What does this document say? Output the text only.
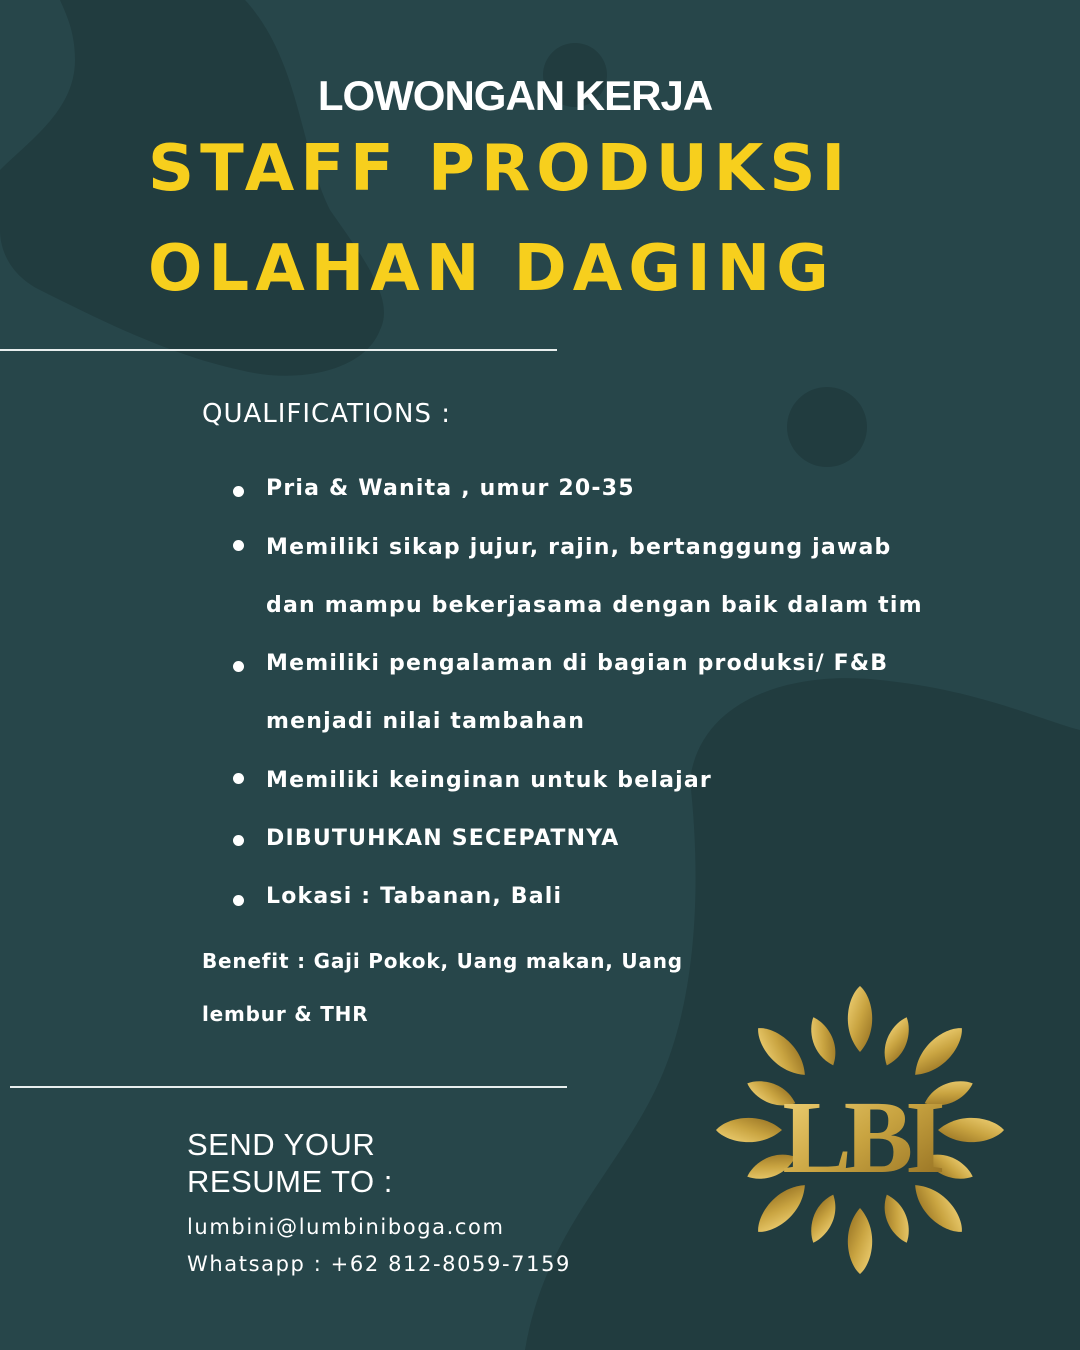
LOWONGAN KERJA
STAFF PRODUKSI
OLAHAN DAGING
QUALIFICATIONS :
Pria & Wanita , umur 20-35
Memiliki sikap jujur, rajin, bertanggung jawab
dan mampu bekerjasama dengan baik dalam tim
Memiliki pengalaman di bagian produksi/ F&B
menjadi nilai tambahan
Memiliki keinginan untuk belajar
DIBUTUHKAN SECEPATNYA
Lokasi : Tabanan, Bali
Benefit : Gaji Pokok, Uang makan, Uang
lembur & THR
SEND YOUR
RESUME TO :
lumbini@lumbiniboga.com
Whatsapp : +62 812-8059-7159
LBI
